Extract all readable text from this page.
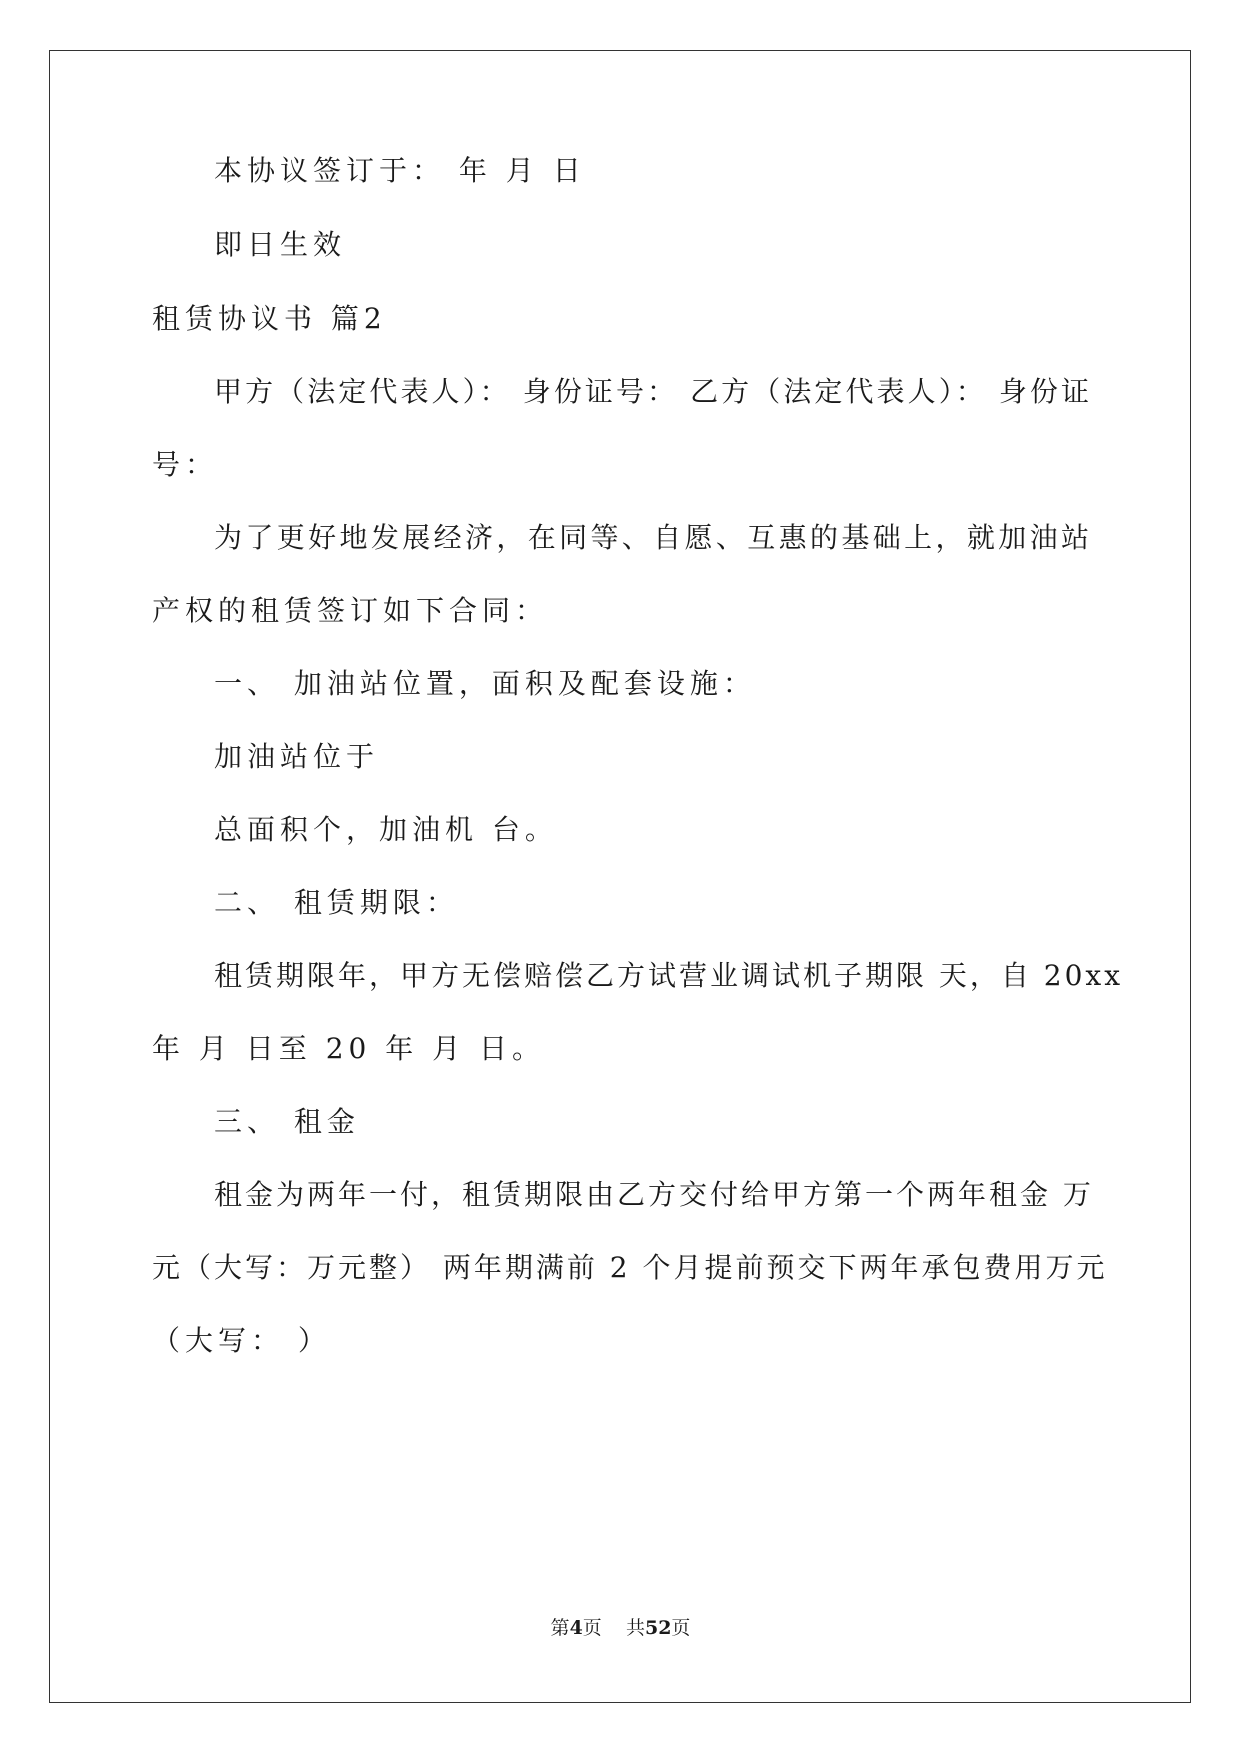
本协议签订于： 年 月 日
即日生效
租赁协议书 篇2
甲方（法定代表人）： 身份证号： 乙方（法定代表人）： 身份证
号：
为了更好地发展经济，在同等、自愿、互惠的基础上，就加油站
产权的租赁签订如下合同：
一、 加油站位置，面积及配套设施：
加油站位于
总面积个，加油机 台。
二、 租赁期限：
租赁期限年，甲方无偿赔偿乙方试营业调试机子期限 天，自 20xx
年 月 日至 20 年 月 日。
三、 租金
租金为两年一付，租赁期限由乙方交付给甲方第一个两年租金 万
元（大写：万元整） 两年期满前 2 个月提前预交下两年承包费用万元
（大写： ）
第4页    共52页
